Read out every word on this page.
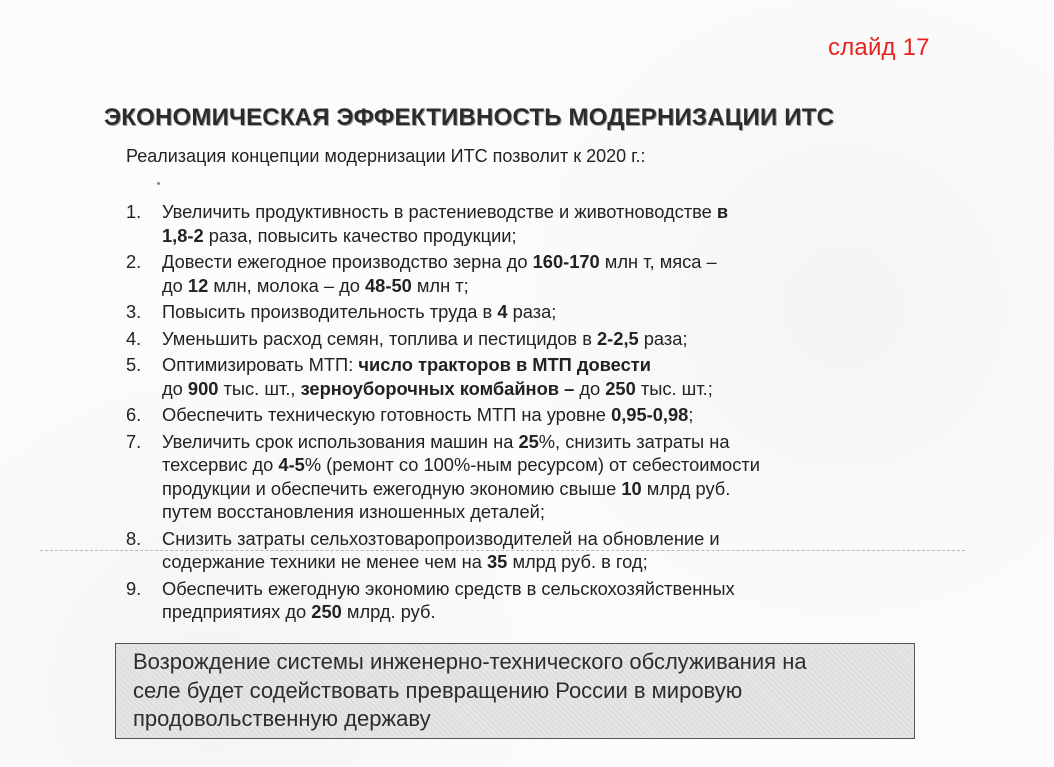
слайд 17
ЭКОНОМИЧЕСКАЯ ЭФФЕКТИВНОСТЬ МОДЕРНИЗАЦИИ ИТС
Реализация концепции модернизации ИТС позволит к 2020 г.:
1. Увеличить продуктивность в растениеводстве и животноводстве в
1,8-2 раза, повысить качество продукции;
2. Довести ежегодное производство зерна до 160-170 млн т, мяса –
до 12 млн, молока – до 48-50 млн т;
3. Повысить производительность труда в 4 раза;
4. Уменьшить расход семян, топлива и пестицидов в 2-2,5 раза;
5. Оптимизировать МТП: число тракторов в МТП довести
до 900 тыс. шт., зерноуборочных комбайнов – до 250 тыс. шт.;
6. Обеспечить техническую готовность МТП на уровне 0,95-0,98;
7. Увеличить срок использования машин на 25%, снизить затраты на
техсервис до 4-5% (ремонт со 100%-ным ресурсом) от себестоимости
продукции и обеспечить ежегодную экономию свыше 10 млрд руб.
путем восстановления изношенных деталей;
8. Снизить затраты сельхозтоваропроизводителей на обновление и
содержание техники не менее чем на 35 млрд руб. в год;
9. Обеспечить ежегодную экономию средств в сельскохозяйственных
предприятиях до 250 млрд. руб.
Возрождение системы инженерно-технического обслуживания на
селе будет содействовать превращению России в мировую
продовольственную державу
